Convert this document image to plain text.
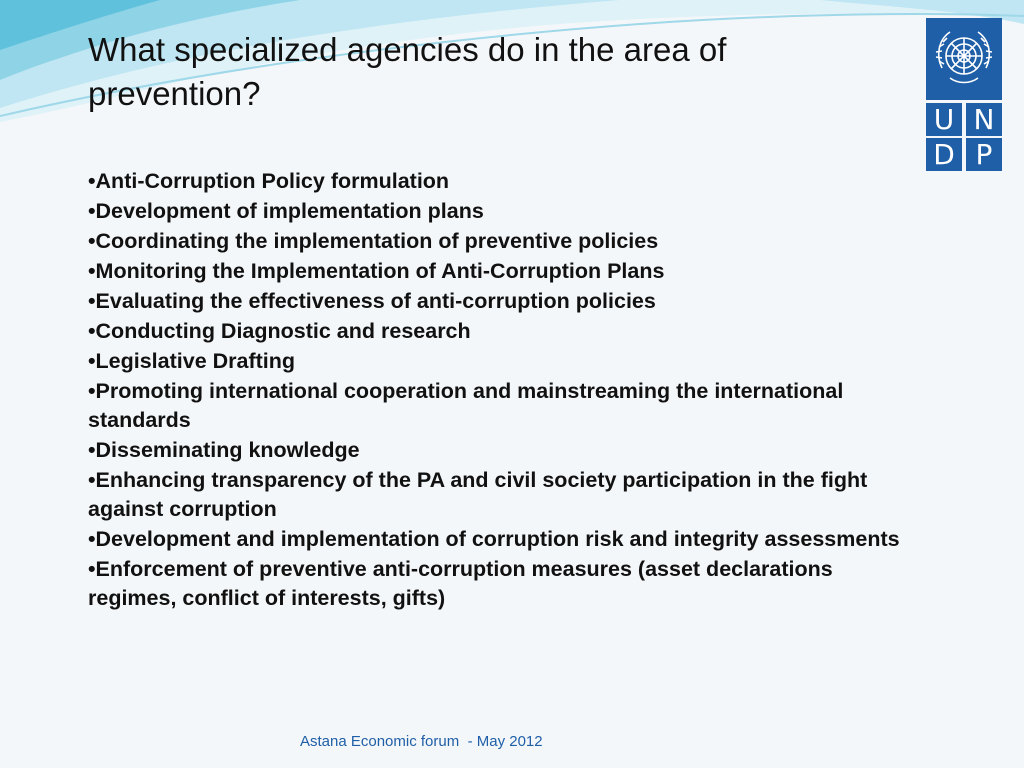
What specialized agencies do in the area of prevention?
U N
D P
•Anti-Corruption Policy formulation
•Development of implementation plans
•Coordinating the implementation of preventive policies
•Monitoring the Implementation of Anti-Corruption Plans
•Evaluating the effectiveness of anti-corruption policies
•Conducting Diagnostic and research
•Legislative Drafting
•Promoting international cooperation and mainstreaming the international standards
•Disseminating knowledge
•Enhancing transparency of the PA and civil society participation in the fight against corruption
•Development and implementation of corruption risk and integrity assessments
•Enforcement of preventive anti-corruption measures (asset declarations regimes, conflict of interests, gifts)
Astana Economic forum  - May 2012
